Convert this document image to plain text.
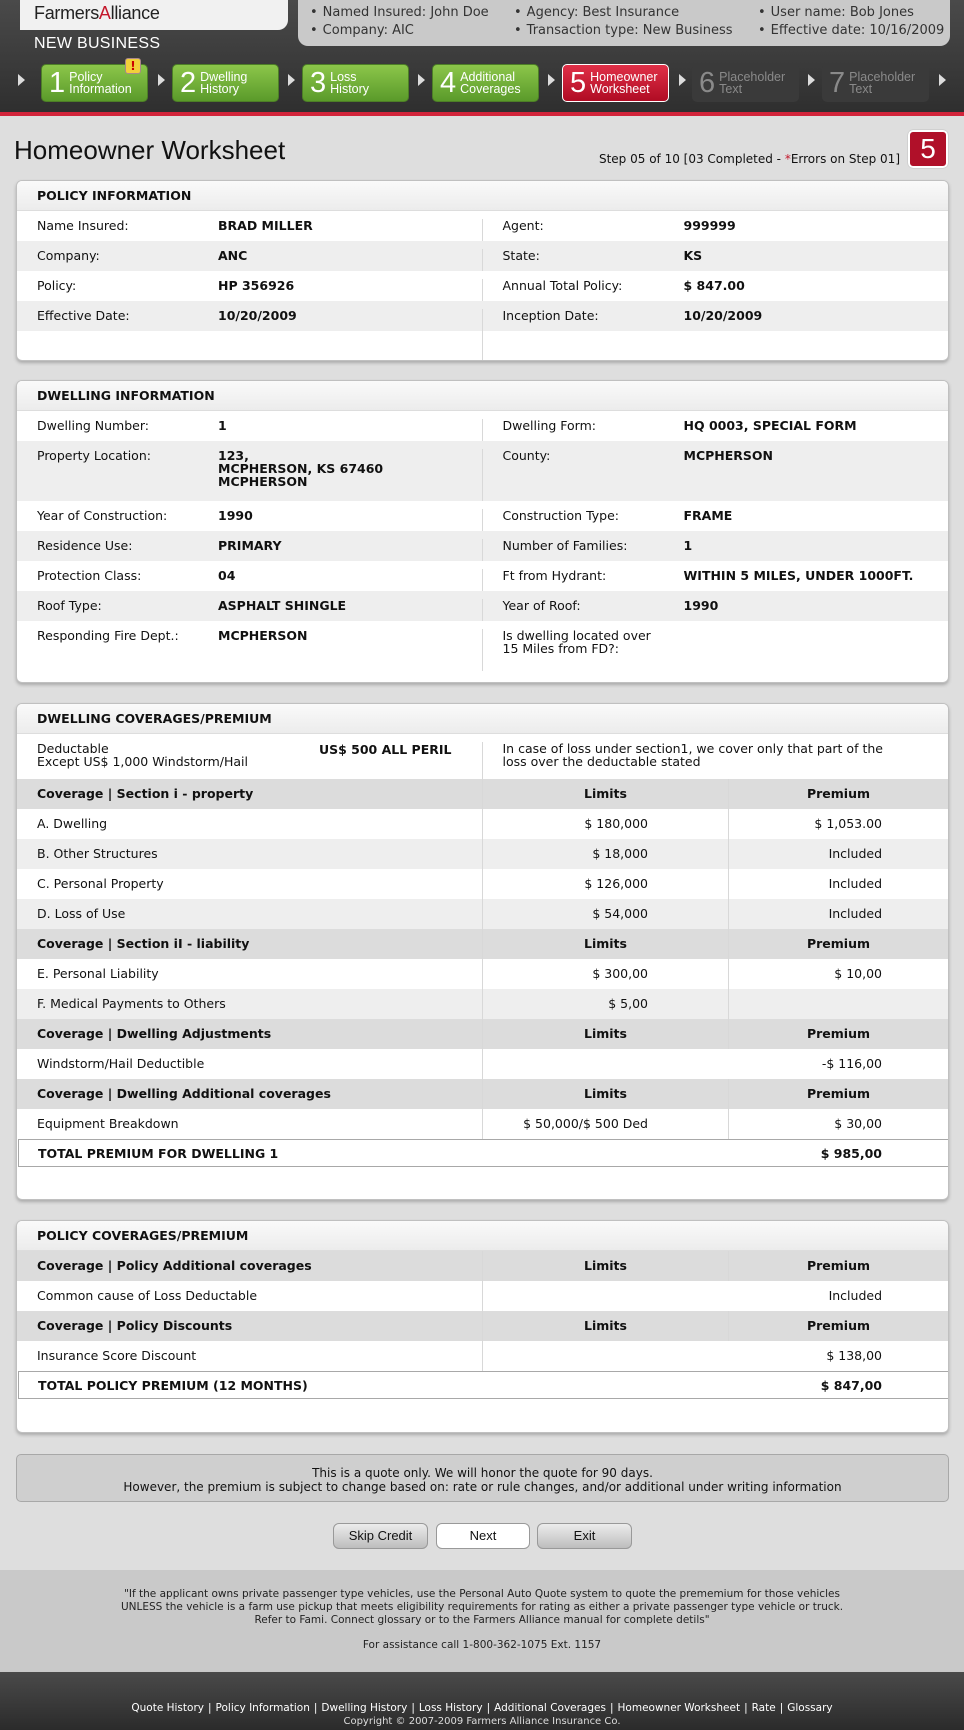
FarmersAlliance
•	Named Insured: John Doe
• Company: AIC
• Agency: Best Insurance
• Transaction type: New Business
• User name: Bob Jones
• Effective date: 10/16/2009
NEW BUSINESS
1 Policy
Information
!
2 Dwelling
History 3 Loss
History 4 Additional
Coverages 5 Homeowner
Worksheet 6 Placeholder
Text	7 Placeholder
Text
Homeowner Worksheet	Step 05 of 10 [03 Completed - *Errors on Step 01] 5
POLICY INFORMATION
Name Insured:	BRAD MILLER	Agent:	999999
Company:	ANC	State:	KS
Policy:	HP 356926	Annual Total Policy:	$ 847.00
Effective Date:	10/20/2009	Inception Date:	10/20/2009
DWELLING INFORMATION
Dwelling Number:	1	Dwelling Form:	HQ 0003, SPECIAL FORM
Property Location:	123,
MCPHERSON, KS 67460
MCPHERSON
County:	MCPHERSON
Year of Construction:	1990	Construction Type:	FRAME
Residence Use:	PRIMARY	Number of Families:	1
Protection Class:	04	Ft from Hydrant:	WITHIN 5 MILES, UNDER 1000FT.
Roof Type:	ASPHALT SHINGLE	Year of Roof:	1990
Responding Fire Dept.:	MCPHERSON	Is dwelling located over
15 Miles from FD?:
DWELLING COVERAGES/PREMIUM
Deductable
Except US$ 1,000 Windstorm/Hail
US$ 500 ALL PERIL	In case of loss under section1, we cover only that part of the
loss over the deductable stated
Coverage | Section i - property	Limits	Premium
A. Dwelling	$ 180,000	$ 1,053.00
B. Other Structures	$ 18,000	Included
C. Personal Property	$ 126,000	Included
D. Loss of Use	$ 54,000	Included
Coverage | Section iI - liability	Limits	Premium
E. Personal Liability	$ 300,00	$ 10,00
F. Medical Payments to Others	$ 5,00
Coverage | Dwelling Adjustments	Limits	Premium
Windstorm/Hail Deductible	-$ 116,00
Coverage | Dwelling Additional coverages	Limits	Premium
Equipment Breakdown	$ 50,000/$ 500 Ded	$ 30,00
TOTAL PREMIUM FOR DWELLING 1	$ 985,00
POLICY COVERAGES/PREMIUM
Coverage | Policy Additional coverages	Limits	Premium
Common cause of Loss Deductable	Included
Coverage | Policy Discounts	Limits	Premium
Insurance Score Discount	$ 138,00
TOTAL POLICY PREMIUM (12 MONTHS)	$ 847,00
This is a quote only. We will honor the quote for 90 days.
However, the premium is subject to change based on: rate or rule changes, and/or additional under writing information
Skip Credit	Next	Exit
"If the applicant owns private passenger type vehicles, use the Personal Auto Quote system to quote the prememium for those vehicles
UNLESS the vehicle is a farm use pickup that meets eligibility requirements for rating as either a private passenger type vehicle or truck.
Refer to Fami. Connect glossary or to the Farmers Alliance manual for complete detils"
For assistance call 1-800-362-1075 Ext. 1157
Quote History | Policy Information | Dwelling History | Loss History | Additional Coverages | Homeowner Worksheet | Rate | Glossary
Copyright © 2007-2009 Farmers Alliance Insurance Co.
